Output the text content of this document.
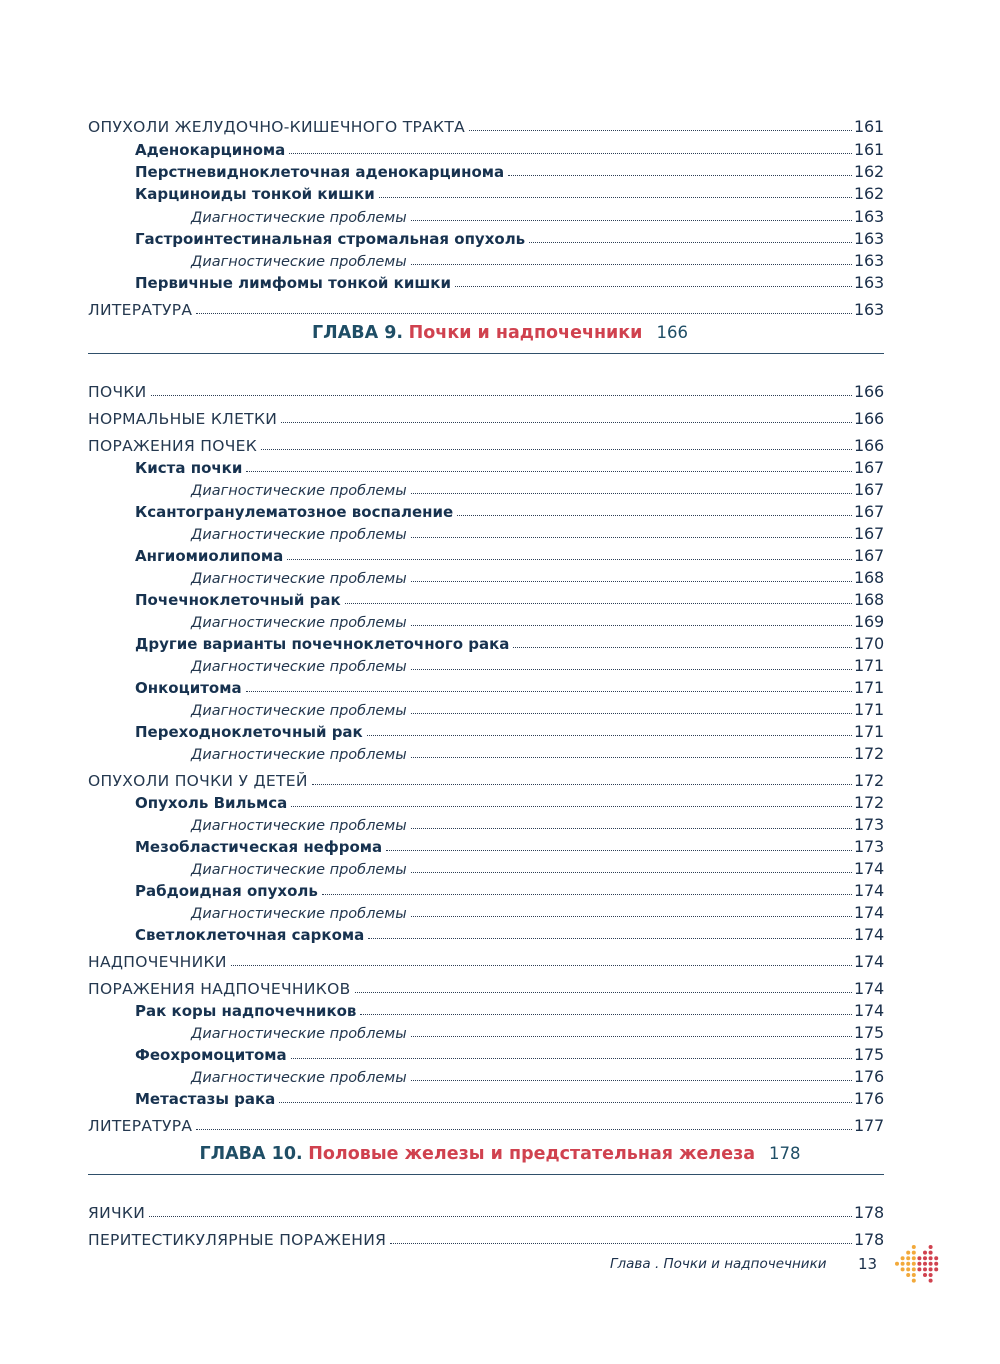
ОПУХОЛИ ЖЕЛУДОЧНО-КИШЕЧНОГО ТРАКТА	161
Аденокарцинома	161
Перстневидноклеточная аденокарцинома	162
Карциноиды тонкой кишки	162
Диагностические проблемы	163
Гастроинтестинальная стромальная опухоль	163
Диагностические проблемы	163
Первичные лимфомы тонкой кишки	163
ЛИТЕРАТУРА	163
ГЛАВА 9. Почки и надпочечники 166
ПОЧКИ	166
НОРМАЛЬНЫЕ КЛЕТКИ	166
ПОРАЖЕНИЯ ПОЧЕК	166
Киста почки	167
Диагностические проблемы	167
Ксантогранулематозное воспаление	167
Диагностические проблемы	167
Ангиомиолипома	167
Диагностические проблемы	168
Почечноклеточный рак	168
Диагностические проблемы	169
Другие варианты почечноклеточного рака	170
Диагностические проблемы	171
Онкоцитома	171
Диагностические проблемы	171
Переходноклеточный рак	171
Диагностические проблемы	172
ОПУХОЛИ ПОЧКИ У ДЕТЕЙ	172
Опухоль Вильмса	172
Диагностические проблемы	173
Мезобластическая нефрома	173
Диагностические проблемы	174
Рабдоидная опухоль	174
Диагностические проблемы	174
Светлоклеточная саркома	174
НАДПОЧЕЧНИКИ	174
ПОРАЖЕНИЯ НАДПОЧЕЧНИКОВ	174
Рак коры надпочечников	174
Диагностические проблемы	175
Феохромоцитома	175
Диагностические проблемы	176
Метастазы рака	176
ЛИТЕРАТУРА	177
ГЛАВА 10. Половые железы и предстательная железа 178
ЯИЧКИ	178
ПЕРИТЕСТИКУЛЯРНЫЕ ПОРАЖЕНИЯ	178
Глава . Почки и надпочечники 13
